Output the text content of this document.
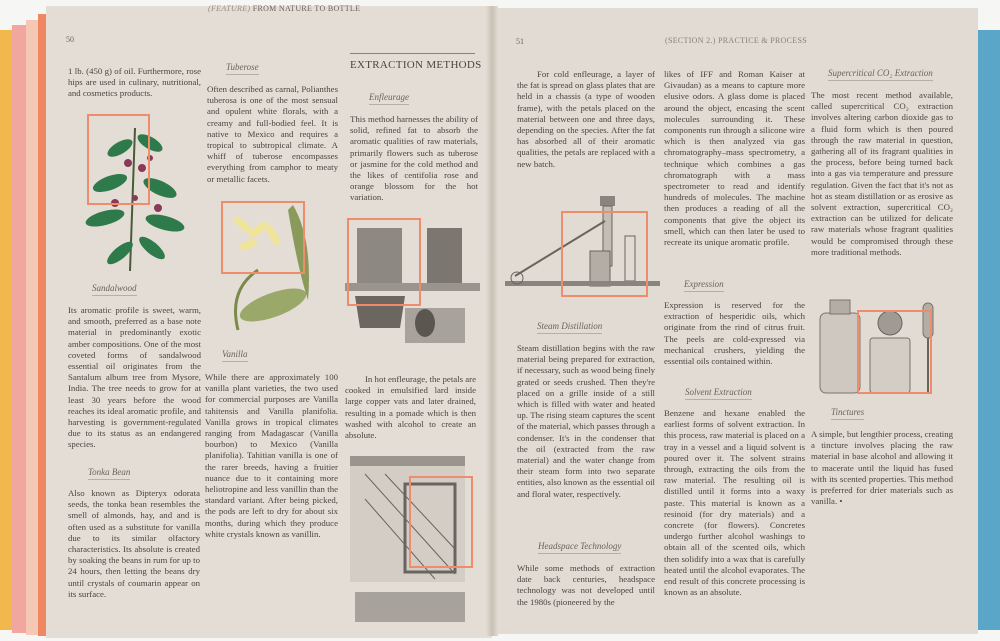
50
(FEATURE) FROM NATURE TO BOTTLE
1 lb. (450 g) of oil. Furthermore, rose hips are used in culinary, nutritional, and cosmetics products.
Sandalwood
Its aromatic profile is sweet, warm, and smooth, preferred as a base note material in predominantly exotic amber compositions. One of the most coveted forms of sandalwood essential oil originates from the Santalum album tree from Mysore, India. The tree needs to grow for at least 30 years before the wood reaches its ideal aromatic profile, and harvesting is government-regulated due to its status as an endangered species.
Tonka Bean
Also known as Dipteryx odorata seeds, the tonka bean resembles the smell of almonds, hay, and and is often used as a substitute for vanilla due to its similar olfactory characteristics. Its absolute is created by soaking the beans in rum for up to 24 hours, then letting the beans dry until crystals of coumarin appear on its surface.
Tuberose
Often described as carnal, Polianthes tuberosa is one of the most sensual and opulent white florals, with a creamy and full-bodied feel. It is native to Mexico and requires a tropical to subtropical climate. A whiff of tuberose encompasses everything from camphor to meaty or metallic facets.
Vanilla
While there are approximately 100 vanilla plant varieties, the two used for commercial purposes are Vanilla tahitensis and Vanilla planifolia. Vanilla grows in tropical climates ranging from Madagascar (Vanilla bourbon) to Mexico (Vanilla planifolia). Tahitian vanilla is one of the rarer breeds, having a fruitier nuance due to it containing more heliotropine and less vanillin than the standard variant. After being picked, the pods are left to dry for about six months, during which they produce white crystals known as vanillin.
EXTRACTION METHODS
Enfleurage
This method harnesses the ability of solid, refined fat to absorb the aromatic qualities of raw materials, primarily flowers such as tuberose or jasmine for the cold method and the likes of centifolia rose and orange blossom for the hot variation.
In hot enfleurage, the petals are cooked in emulsified lard inside large copper vats and later drained, resulting in a pomade which is then washed with alcohol to create an absolute.
51	(SECTION 2.) PRACTICE & PROCESS
For cold enfleurage, a layer of the fat is spread on glass plates that are held in a chassis (a type of wooden frame), with the petals placed on the material between one and three days, depending on the species. After the fat has absorbed all of their aromatic qualities, the petals are replaced with a new batch.
Steam Distillation
Steam distillation begins with the raw material being prepared for extraction, if necessary, such as wood being finely grated or seeds crushed. Then they're placed on a grille inside of a still which is filled with water and heated up. The rising steam captures the scent of the material, which passes through a condenser. It's in the condenser that the oil (extracted from the raw material) and the water change from their steam form into two separate entities, also known as the essential oil and floral water, respectively.
Headspace Technology
While some methods of extraction date back centuries, headspace technology was not developed until the 1980s (pioneered by the
likes of IFF and Roman Kaiser at Givaudan) as a means to capture more elusive odors. A glass dome is placed around the object, encasing the scent molecules surrounding it. These components run through a silicone wire which is then analyzed via gas chromatography–mass spectrometry, a technique which combines a gas chromatograph with a mass spectrometer to read and identify hundreds of molecules. The machine then produces a reading of all the components that give the object its smell, which can then later be used to recreate its unique aromatic profile.
Expression
Expression is reserved for the extraction of hesperidic oils, which originate from the rind of citrus fruit. The peels are cold-expressed via mechanical crushers, yielding the essential oils contained within.
Solvent Extraction
Benzene and hexane enabled the earliest forms of solvent extraction. In this process, raw material is placed on a tray in a vessel and a liquid solvent is poured over it. The solvent strains through, extracting the oils from the raw material. The resulting oil is distilled until it forms into a waxy paste. This material is known as a resinoid (for dry materials) and a concrete (for flowers). Concretes undergo further alcohol washings to obtain all of the scented oils, which then solidify into a wax that is carefully heated until the alcohol evaporates. The end result of this concrete processing is known as an absolute.
Supercritical CO₂ Extraction
The most recent method available, called supercritical CO₂ extraction involves altering carbon dioxide gas to a fluid form which is then poured through the raw material in question, gathering all of its fragrant qualities in the process, before being turned back into a gas via temperature and pressure regulation. Given the fact that it's not as hot as steam distillation or as erosive as solvent extraction, supercritical CO₂ extraction can be utilized for delicate raw materials whose fragrant qualities would be compromised through these more traditional methods.
Tinctures
A simple, but lengthier process, creating a tincture involves placing the raw material in base alcohol and allowing it to macerate until the liquid has fused with its scented properties. This method is preferred for drier materials such as vanilla. •
